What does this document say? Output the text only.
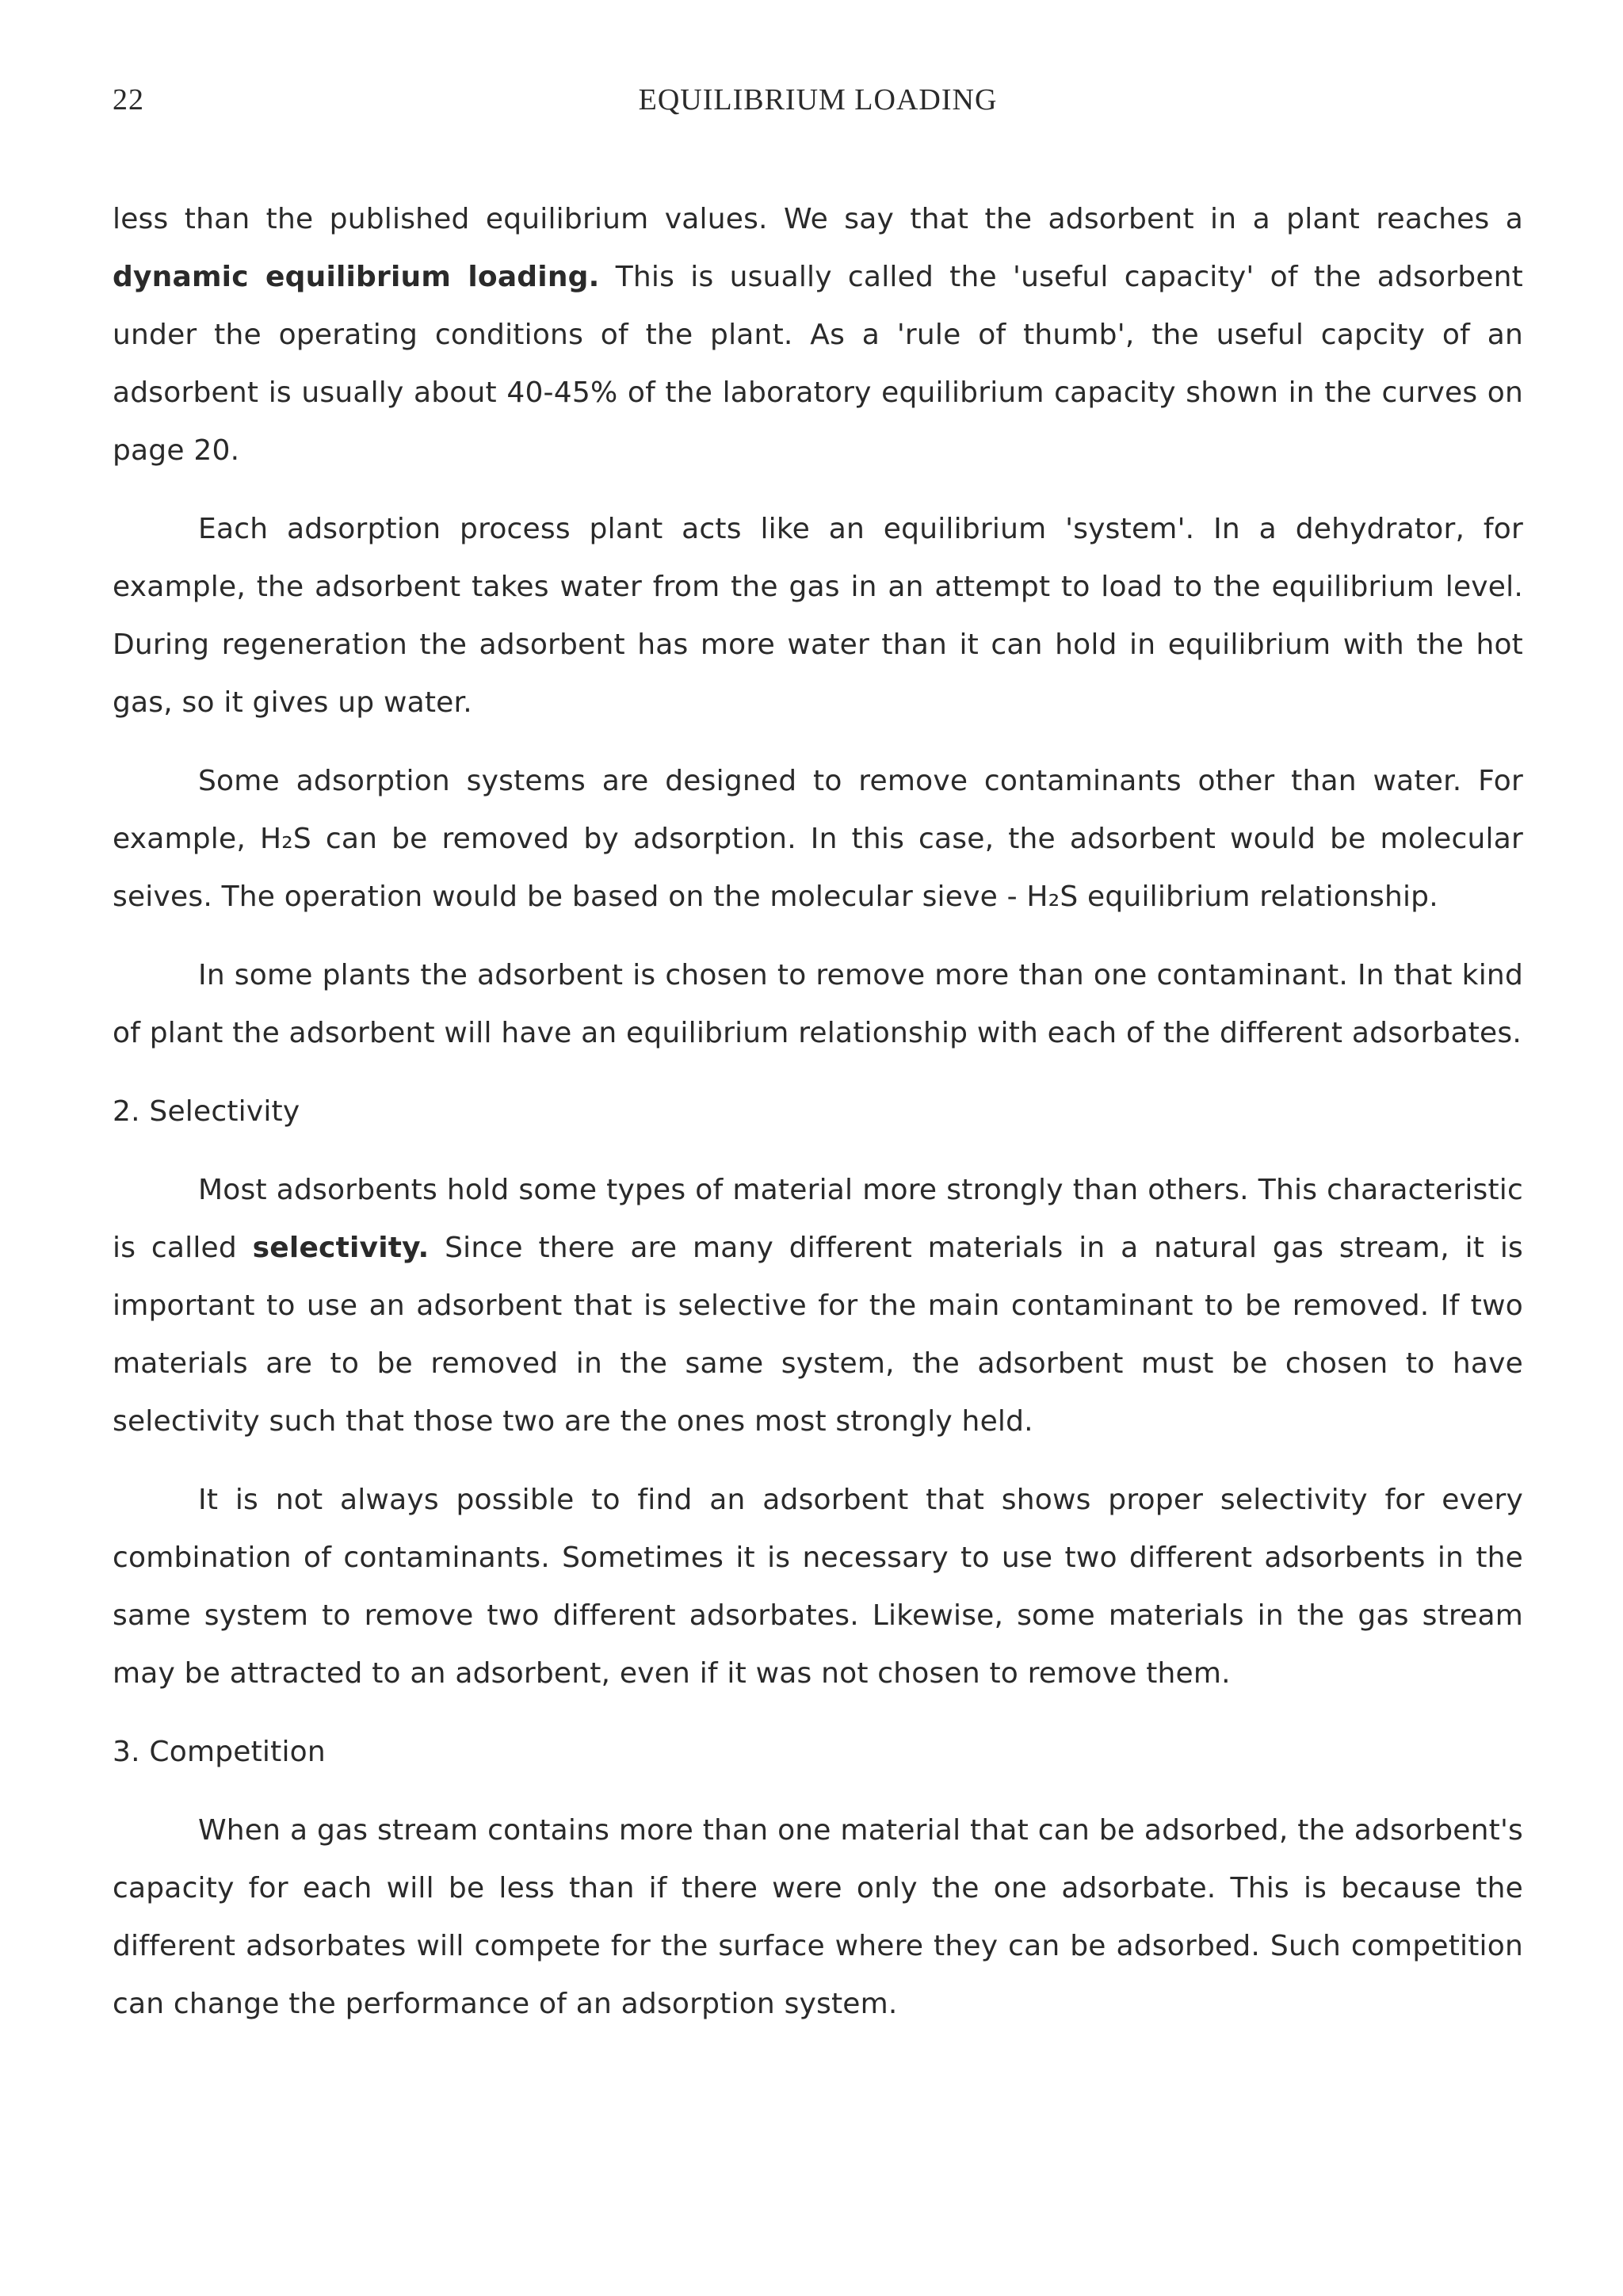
22	EQUILIBRIUM LOADING

less than the published equilibrium values. We say that the adsorbent in a plant reaches a dynamic equilibrium loading. This is usually called the 'useful capacity' of the adsorbent under the operating conditions of the plant. As a 'rule of thumb', the useful capcity of an adsorbent is usually about 40-45% of the laboratory equilibrium capacity shown in the curves on page 20.

Each adsorption process plant acts like an equilibrium 'system'. In a dehydrator, for example, the adsorbent takes water from the gas in an attempt to load to the equilibrium level. During regeneration the adsorbent has more water than it can hold in equilibrium with the hot gas, so it gives up water.

Some adsorption systems are designed to remove contaminants other than water. For example, H₂S can be removed by adsorption. In this case, the adsorbent would be molecular seives. The operation would be based on the molecular sieve - H₂S equilibrium relationship.

In some plants the adsorbent is chosen to remove more than one contaminant. In that kind of plant the adsorbent will have an equilibrium relationship with each of the different adsorbates.

2. Selectivity

Most adsorbents hold some types of material more strongly than others. This characteristic is called selectivity. Since there are many different materials in a natural gas stream, it is important to use an adsorbent that is selective for the main contaminant to be removed. If two materials are to be removed in the same system, the adsorbent must be chosen to have selectivity such that those two are the ones most strongly held.

It is not always possible to find an adsorbent that shows proper selectivity for every combination of contaminants. Sometimes it is necessary to use two different adsorbents in the same system to remove two different adsorbates. Likewise, some materials in the gas stream may be attracted to an adsorbent, even if it was not chosen to remove them.

3. Competition

When a gas stream contains more than one material that can be adsorbed, the adsorbent's capacity for each will be less than if there were only the one adsorbate. This is because the different adsorbates will compete for the surface where they can be adsorbed. Such competition can change the performance of an adsorption system.
